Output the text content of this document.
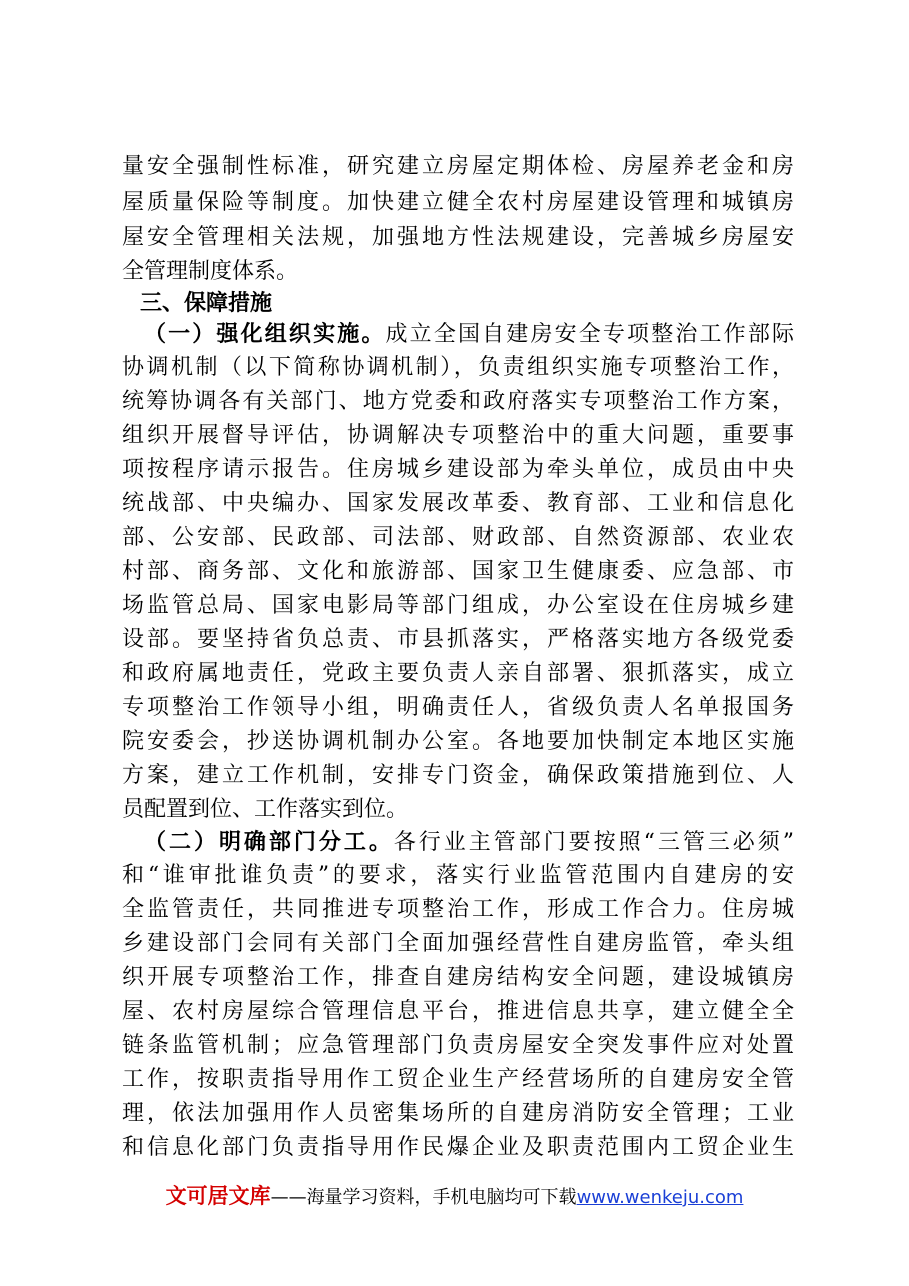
量安全强制性标准，研究建立房屋定期体检、房屋养老金和房
屋质量保险等制度。加快建立健全农村房屋建设管理和城镇房
屋安全管理相关法规，加强地方性法规建设，完善城乡房屋安
全管理制度体系。
三、保障措施
（一）强化组织实施。成立全国自建房安全专项整治工作部际
协调机制（以下简称协调机制），负责组织实施专项整治工作，
统筹协调各有关部门、地方党委和政府落实专项整治工作方案，
组织开展督导评估，协调解决专项整治中的重大问题，重要事
项按程序请示报告。住房城乡建设部为牵头单位，成员由中央
统战部、中央编办、国家发展改革委、教育部、工业和信息化
部、公安部、民政部、司法部、财政部、自然资源部、农业农
村部、商务部、文化和旅游部、国家卫生健康委、应急部、市
场监管总局、国家电影局等部门组成，办公室设在住房城乡建
设部。要坚持省负总责、市县抓落实，严格落实地方各级党委
和政府属地责任，党政主要负责人亲自部署、狠抓落实，成立
专项整治工作领导小组，明确责任人，省级负责人名单报国务
院安委会，抄送协调机制办公室。各地要加快制定本地区实施
方案，建立工作机制，安排专门资金，确保政策措施到位、人
员配置到位、工作落实到位。
（二）明确部门分工。各行业主管部门要按照“三管三必须”
和“谁审批谁负责”的要求，落实行业监管范围内自建房的安
全监管责任，共同推进专项整治工作，形成工作合力。住房城
乡建设部门会同有关部门全面加强经营性自建房监管，牵头组
织开展专项整治工作，排查自建房结构安全问题，建设城镇房
屋、农村房屋综合管理信息平台，推进信息共享，建立健全全
链条监管机制；应急管理部门负责房屋安全突发事件应对处置
工作，按职责指导用作工贸企业生产经营场所的自建房安全管
理，依法加强用作人员密集场所的自建房消防安全管理；工业
和信息化部门负责指导用作民爆企业及职责范围内工贸企业生
文可居文库——海量学习资料，手机电脑均可下载www.wenkeju.com
